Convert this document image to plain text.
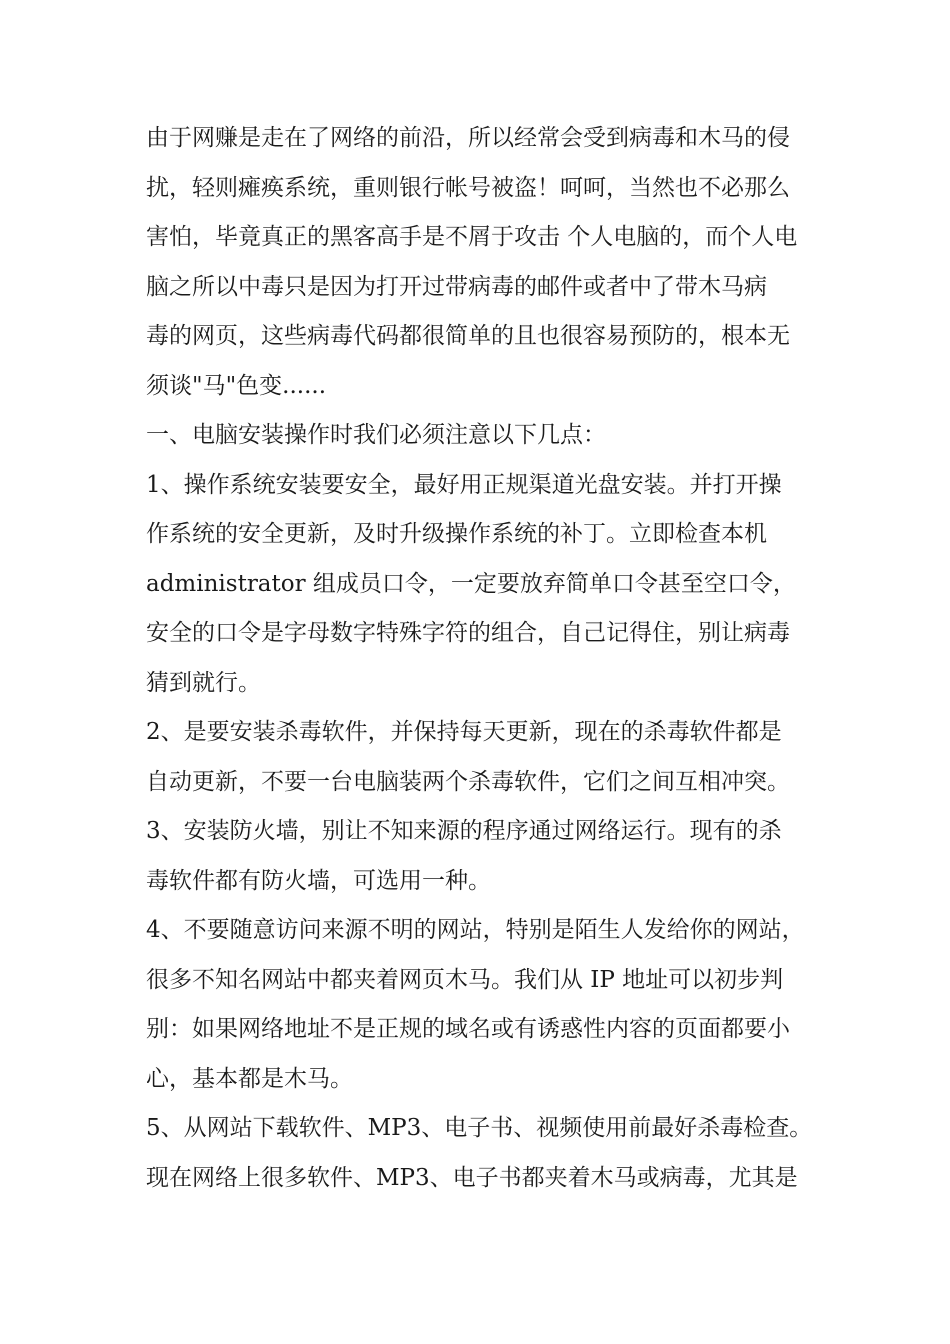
由于网赚是走在了网络的前沿，所以经常会受到病毒和木马的侵
扰，轻则瘫痪系统，重则银行帐号被盗！呵呵，当然也不必那么
害怕，毕竟真正的黑客高手是不屑于攻击 个人电脑的，而个人电
脑之所以中毒只是因为打开过带病毒的邮件或者中了带木马病
毒的网页，这些病毒代码都很简单的且也很容易预防的，根本无
须谈"马"色变......
一、电脑安装操作时我们必须注意以下几点：
1、操作系统安装要安全，最好用正规渠道光盘安装。并打开操
作系统的安全更新，及时升级操作系统的补丁。立即检查本机
administrator 组成员口令，一定要放弃简单口令甚至空口令，
安全的口令是字母数字特殊字符的组合，自己记得住，别让病毒
猜到就行。
2、是要安装杀毒软件，并保持每天更新，现在的杀毒软件都是
自动更新，不要一台电脑装两个杀毒软件，它们之间互相冲突。
3、安装防火墙，别让不知来源的程序通过网络运行。现有的杀
毒软件都有防火墙，可选用一种。
4、不要随意访问来源不明的网站，特别是陌生人发给你的网站，
很多不知名网站中都夹着网页木马。我们从 IP 地址可以初步判
别：如果网络地址不是正规的域名或有诱惑性内容的页面都要小
心，基本都是木马。
5、从网站下载软件、MP3、电子书、视频使用前最好杀毒检查。
现在网络上很多软件、MP3、电子书都夹着木马或病毒，尤其是
